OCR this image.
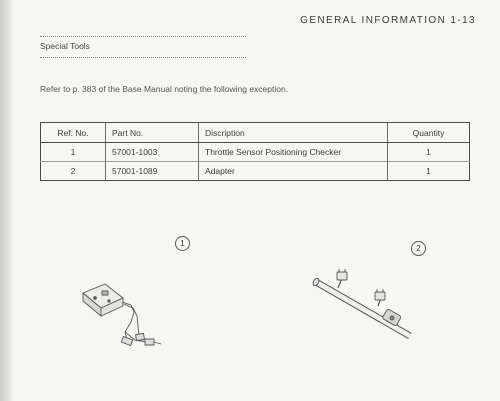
GENERAL INFORMATION 1-13
Special Tools
Refer to p. 383 of the Base Manual noting the following exception.
Ref. No.	Part No.	Discription	Quantity
1	57001-1003	Throttle Sensor Positioning Checker	1
2	57001-1089	Adapter	1
1
2
